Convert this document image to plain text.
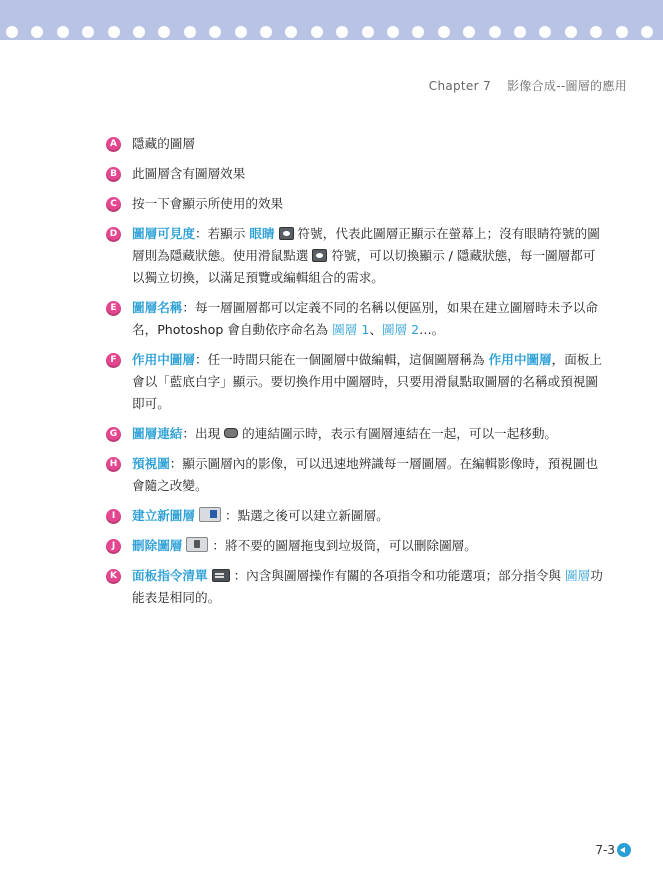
Chapter 7 影像合成--圖層的應用
A	隱藏的圖層
B	此圖層含有圖層效果
C	按一下會顯示所使用的效果
D 圖層可見度：若顯示 眼睛 符號，代表此圖層正顯示在螢幕上；沒有眼睛符號的圖層則為隱藏狀態。使用滑鼠點選 符號，可以切換顯示 / 隱藏狀態，每一圖層都可以獨立切換，以滿足預覽或編輯組合的需求。
E	圖層名稱：每一層圖層都可以定義不同的名稱以便區別，如果在建立圖層時未予以命名，Photoshop 會自動依序命名為 圖層 1、圖層 2…。
F	作用中圖層：任一時間只能在一個圖層中做編輯，這個圖層稱為 作用中圖層，面板上會以「藍底白字」顯示。要切換作用中圖層時，只要用滑鼠點取圖層的名稱或預視圖即可。
G	圖層連結：出現 的連結圖示時，表示有圖層連結在一起，可以一起移動。
H 預視圖：顯示圖層內的影像，可以迅速地辨識每一層圖層。在編輯影像時，預視圖也會隨之改變。
I	建立新圖層 ：點選之後可以建立新圖層。
J	刪除圖層 ：將不要的圖層拖曳到垃圾筒，可以刪除圖層。
K	面板指令清單 ：內含與圖層操作有關的各項指令和功能選項；部分指令與 圖層功能表是相同的。
7-3
